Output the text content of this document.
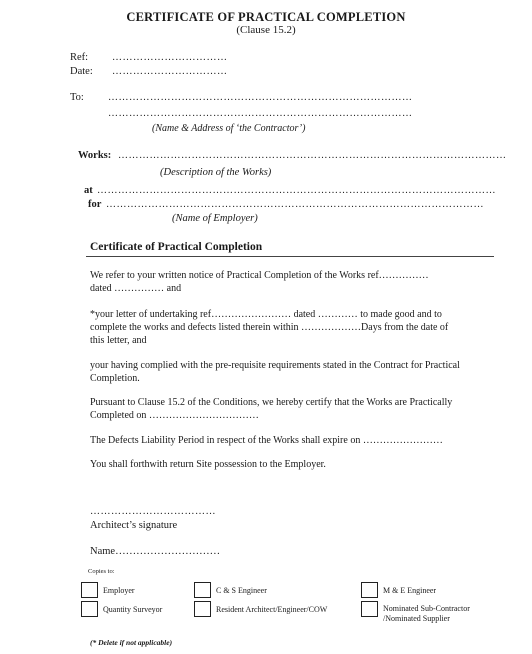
CERTIFICATE OF PRACTICAL COMPLETION
(Clause 15.2)
Ref: ……………………………
Date: ……………………………
To: ……………………………………………………………………………
……………………………………………………………………………
(Name & Address of ‘the Contractor’)
Works: …………………………………………………………………………………………………
(Description of the Works)
at ……………………………………………………………………………………………………
for ………………………………………………………………………………………………
(Name of Employer)
Certificate of Practical Completion
We refer to your written notice of Practical Completion of the Works ref……………
dated …………… and
*your letter of undertaking ref…………………… dated ………… to made good and to
complete the works and defects listed therein within ………………Days from the date of
this letter, and
your having complied with the pre-requisite requirements stated in the Contract for Practical
Completion.
Pursuant to Clause 15.2 of the Conditions, we hereby certify that the Works are Practically
Completed on ……………………………
The Defects Liability Period in respect of the Works shall expire on ……………………
You shall forthwith return Site possession to the Employer.
………………………………
Architect’s signature
Name…………………………
Copies to:
Employer	C & S Engineer	M & E Engineer
Quantity Surveyor	Resident Architect/Engineer/COW	Nominated Sub-Contractor
/Nominated Supplier
(* Delete if not applicable)
